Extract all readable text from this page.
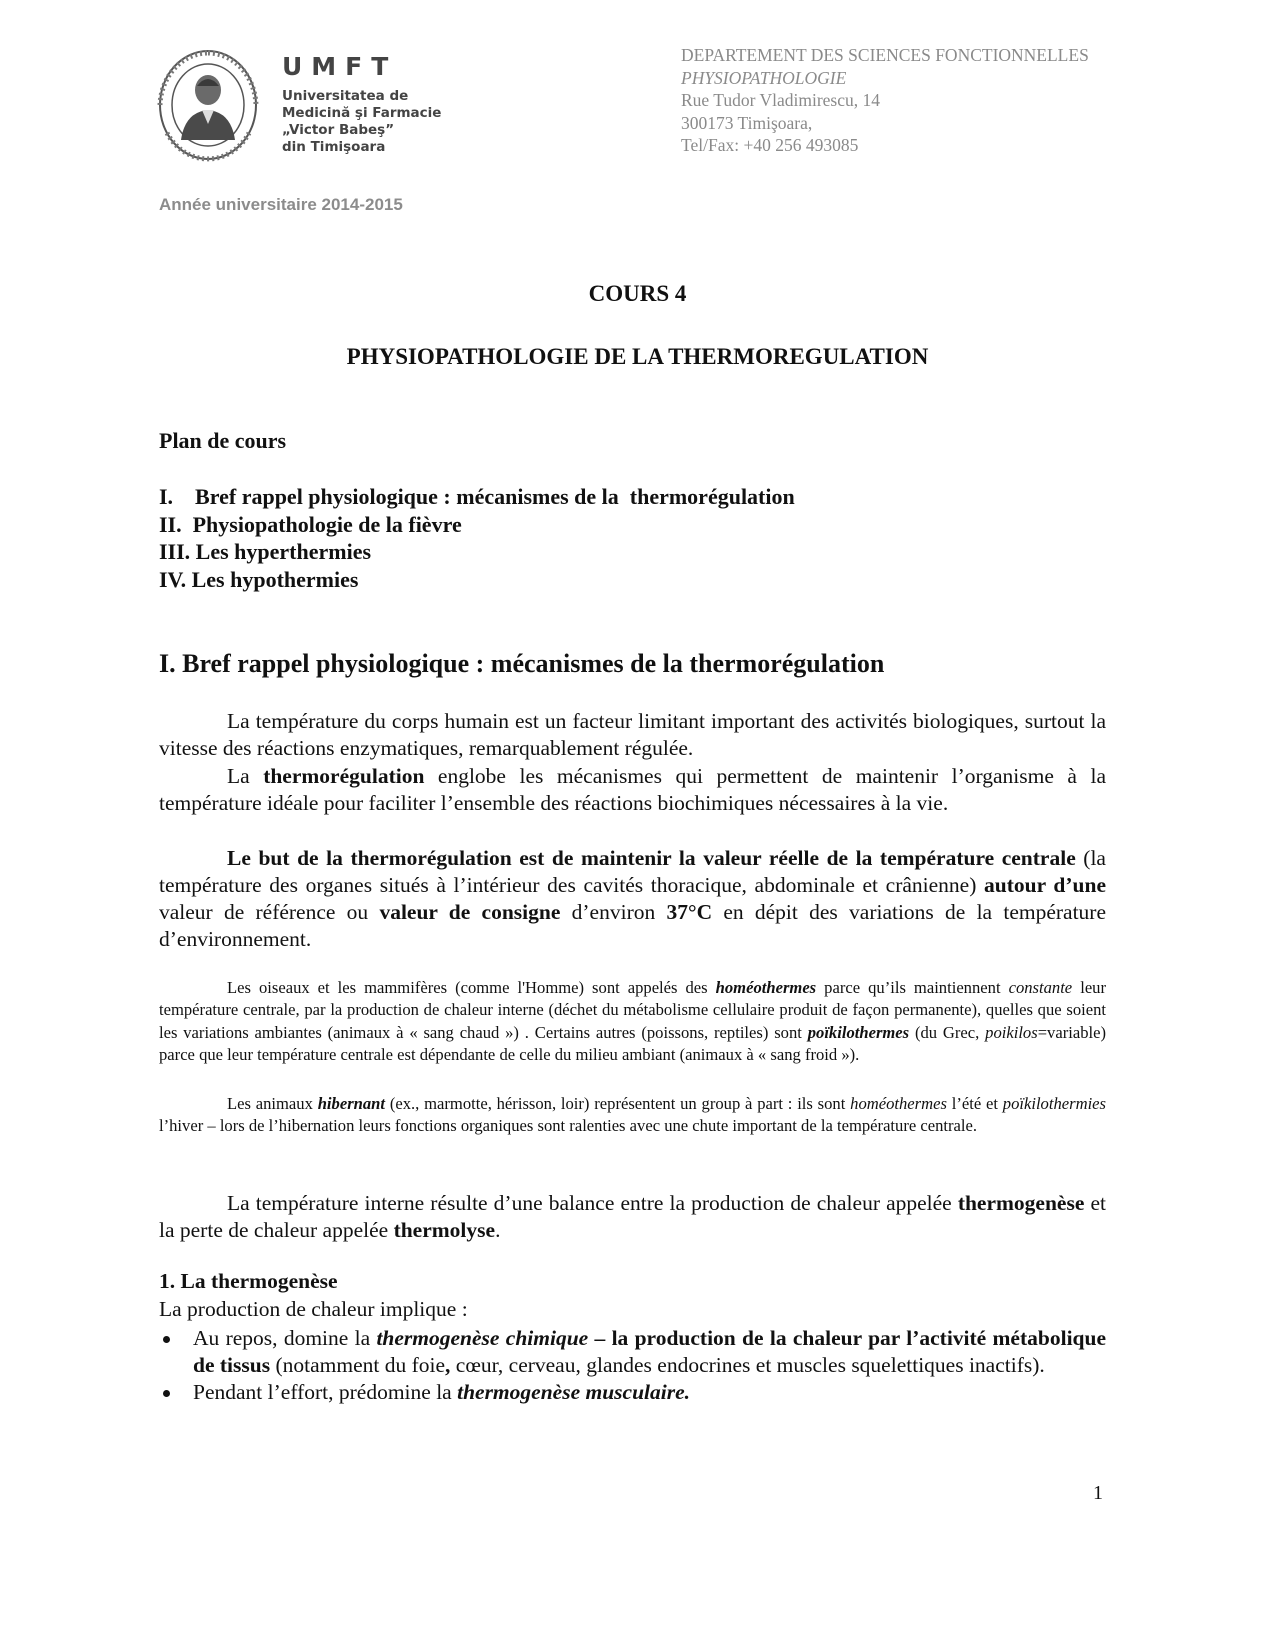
UMFT
Universitatea de
Medicină şi Farmacie
„Victor Babeş”
din Timişoara
DEPARTEMENT DES SCIENCES FONCTIONNELLES
PHYSIOPATHOLOGIE
Rue Tudor Vladimirescu, 14
300173 Timişoara,
Tel/Fax: +40 256 493085
Année universitaire 2014-2015
COURS 4
PHYSIOPATHOLOGIE DE LA THERMOREGULATION
Plan de cours
I.    Bref rappel physiologique : mécanismes de la  thermorégulation
II.  Physiopathologie de la fièvre
III. Les hyperthermies
IV. Les hypothermies
I. Bref rappel physiologique : mécanismes de la thermorégulation

La température du corps humain est un facteur limitant important des activités biologiques, surtout la vitesse des réactions enzymatiques, remarquablement régulée.

La thermorégulation englobe les mécanismes qui permettent de maintenir l’organisme à la température idéale pour faciliter l’ensemble des réactions biochimiques nécessaires à la vie.

Le but de la thermorégulation est de maintenir la valeur réelle de la température centrale (la température des organes situés à l’intérieur des cavités thoracique, abdominale et crânienne) autour d’une valeur de référence ou valeur de consigne d’environ 37°C en dépit des variations de la température d’environnement.

Les oiseaux et les mammifères (comme l'Homme) sont appelés des homéothermes parce qu’ils maintiennent constante leur température centrale, par la production de chaleur interne (déchet du métabolisme cellulaire produit de façon permanente), quelles que soient les variations ambiantes (animaux à « sang chaud ») . Certains autres (poissons, reptiles) sont poïkilothermes (du Grec, poikilos=variable) parce que leur température centrale est dépendante de celle du milieu ambiant (animaux à « sang froid »).

Les animaux hibernant (ex., marmotte, hérisson, loir) représentent un group à part : ils sont homéothermes l’été et poïkilothermies l’hiver – lors de l’hibernation leurs fonctions organiques sont ralenties avec une chute important de la température centrale.

La température interne résulte d’une balance entre la production de chaleur appelée thermogenèse et la perte de chaleur appelée thermolyse.

1. La thermogenèse
La production de chaleur implique :
Au repos, domine la thermogenèse chimique – la production de la chaleur par l’activité métabolique de tissus (notamment du foie, cœur, cerveau, glandes endocrines et muscles squelettiques inactifs).
Pendant l’effort, prédomine la thermogenèse musculaire.
1
